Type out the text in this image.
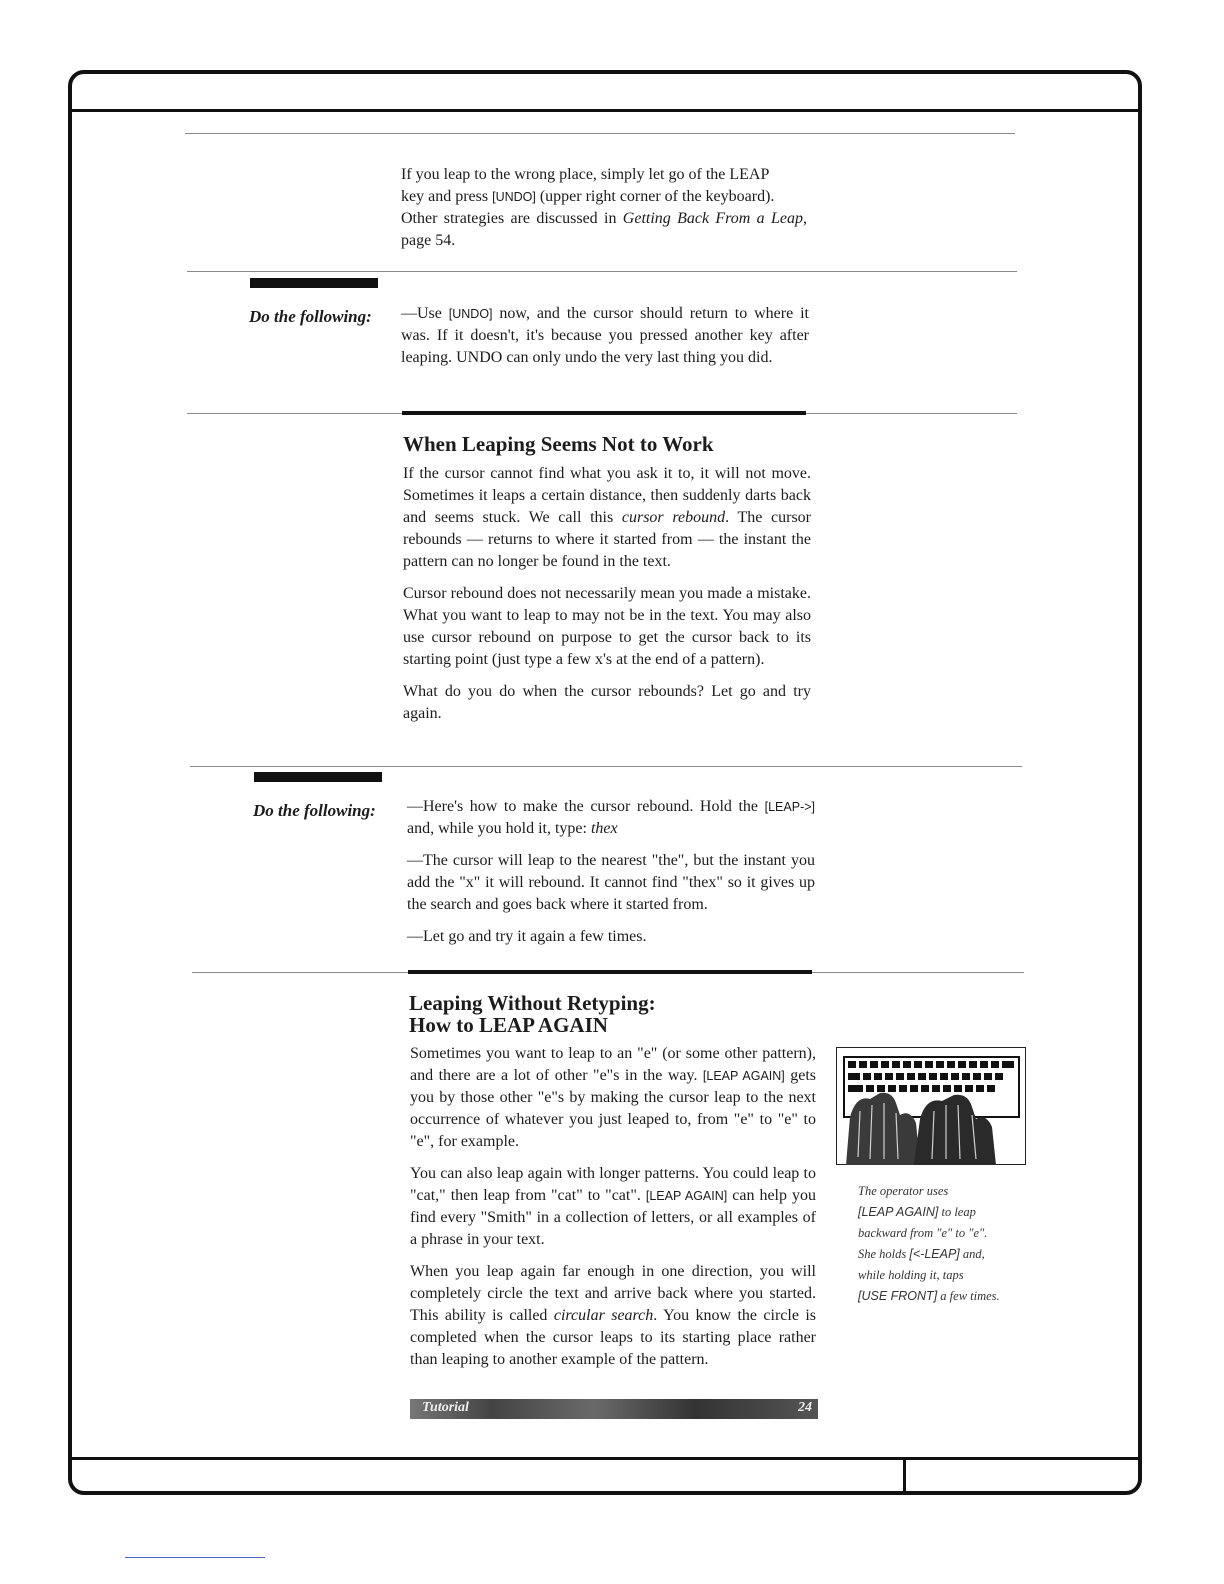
If you leap to the wrong place, simply let go of the LEAP
key and press [UNDO] (upper right corner of the keyboard).
Other strategies are discussed in Getting Back From a Leap, page 54.
Do the following: —Use [UNDO] now, and the cursor should return to where it was. If it doesn't, it's because you pressed another key after leaping. UNDO can only undo the very last thing you did.
When Leaping Seems Not to Work

If the cursor cannot find what you ask it to, it will not move. Sometimes it leaps a certain distance, then suddenly darts back and seems stuck. We call this cursor rebound. The cursor rebounds — returns to where it started from — the instant the pattern can no longer be found in the text.

Cursor rebound does not necessarily mean you made a mistake. What you want to leap to may not be in the text. You may also use cursor rebound on purpose to get the cursor back to its starting point (just type a few x's at the end of a pattern).

What do you do when the cursor rebounds? Let go and try again.

Do the following: —Here's how to make the cursor rebound. Hold the [LEAP->] and, while you hold it, type: thex

—The cursor will leap to the nearest "the", but the instant you add the "x" it will rebound. It cannot find "thex" so it gives up the search and goes back where it started from.

—Let go and try it again a few times.

Leaping Without Retyping:
How to LEAP AGAIN

Sometimes you want to leap to an "e" (or some other pattern), and there are a lot of other "e"s in the way. [LEAP AGAIN] gets you by those other "e"s by making the cursor leap to the next occurrence of whatever you just leaped to, from "e" to "e" to "e", for example.

You can also leap again with longer patterns. You could leap to "cat," then leap from "cat" to "cat". [LEAP AGAIN] can help you find every "Smith" in a collection of letters, or all examples of a phrase in your text.

When you leap again far enough in one direction, you will completely circle the text and arrive back where you started. This ability is called circular search. You know the circle is completed when the cursor leaps to its starting place rather than leaping to another example of the pattern.

The operator uses
[LEAP AGAIN] to leap
backward from "e" to "e".
She holds [<-LEAP] and,
while holding it, taps
[USE FRONT] a few times.
Tutorial	24
